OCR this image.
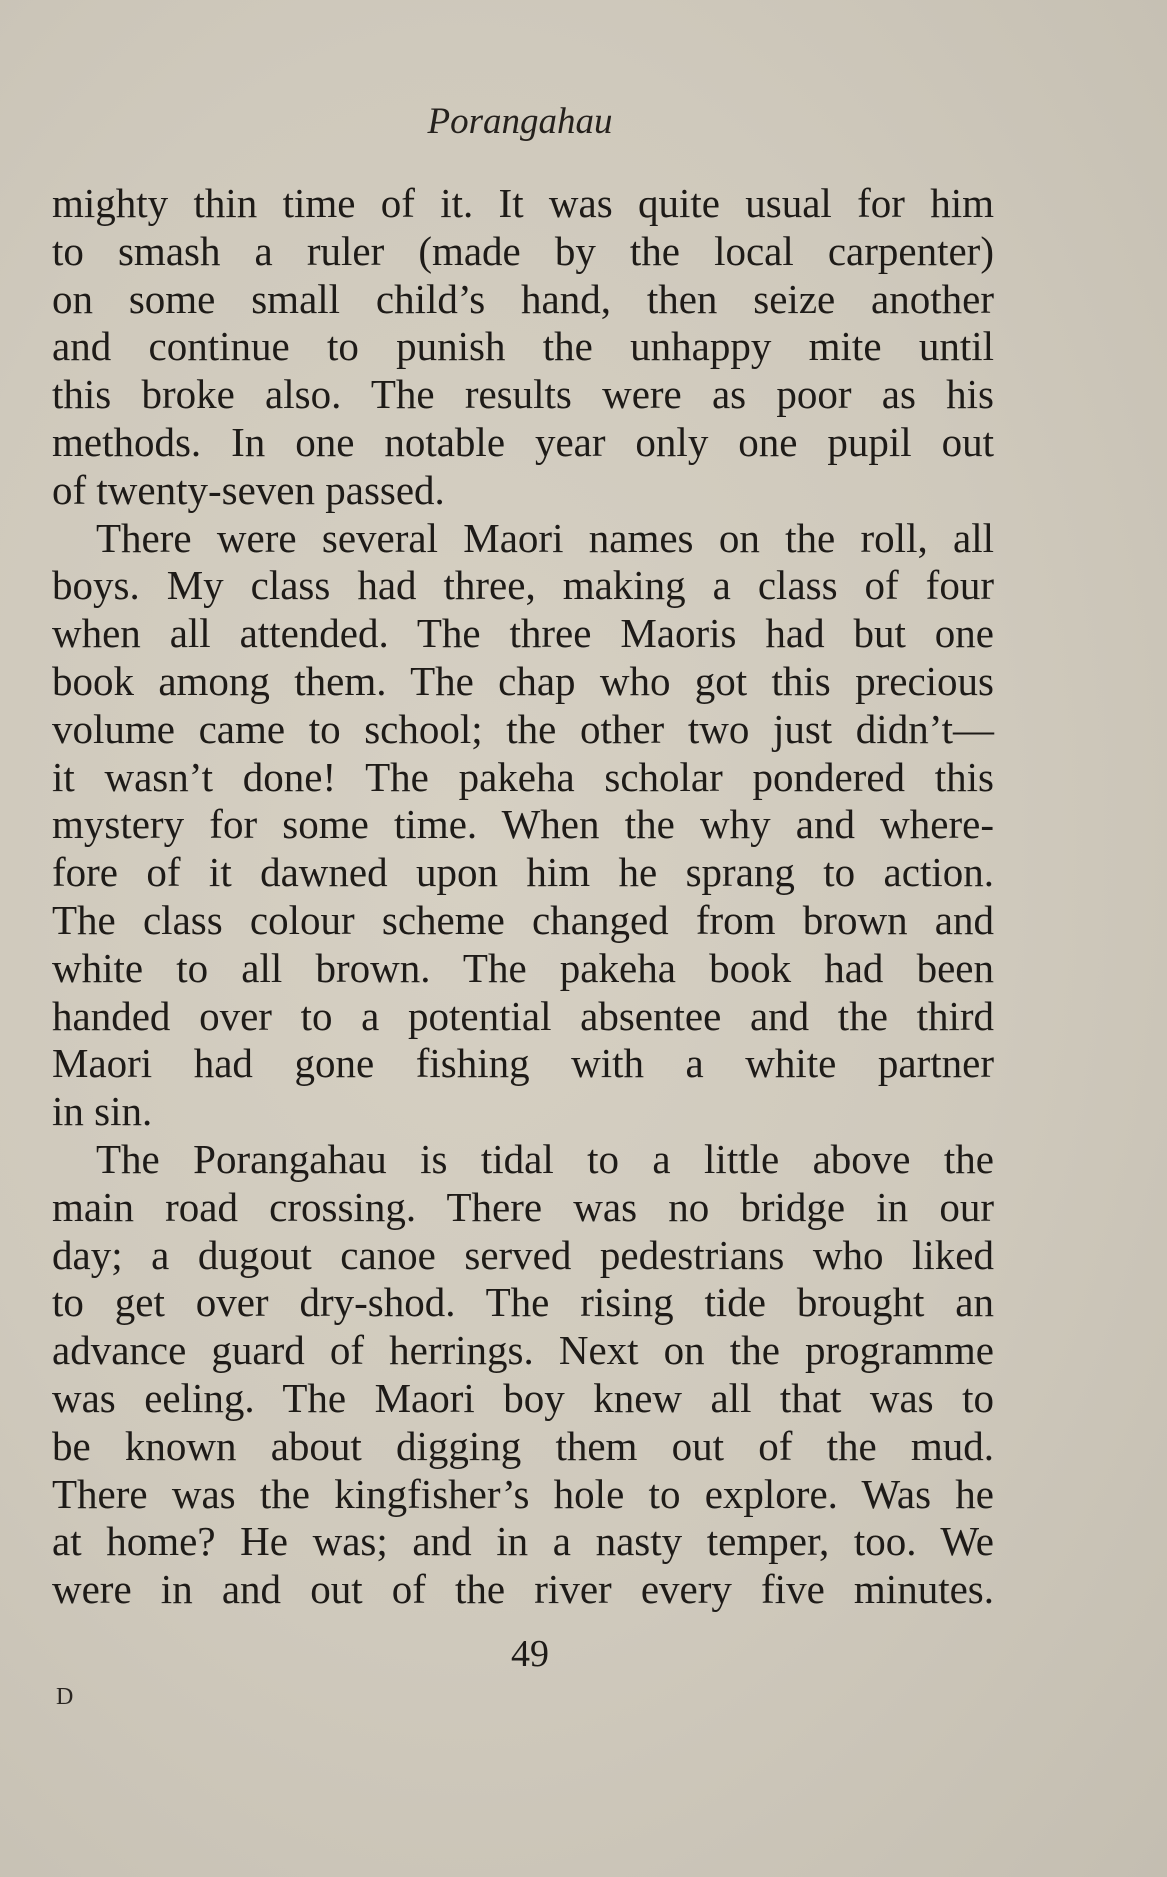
Porangahau
mighty thin time of it. It was quite usual for him
to smash a ruler (made by the local carpenter)
on some small child’s hand, then seize another
and continue to punish the unhappy mite until
this broke also. The results were as poor as his
methods. In one notable year only one pupil out
of twenty-seven passed.
There were several Maori names on the roll, all
boys. My class had three, making a class of four
when all attended. The three Maoris had but one
book among them. The chap who got this precious
volume came to school; the other two just didn’t—
it wasn’t done! The pakeha scholar pondered this
mystery for some time. When the why and where-
fore of it dawned upon him he sprang to action.
The class colour scheme changed from brown and
white to all brown. The pakeha book had been
handed over to a potential absentee and the third
Maori had gone fishing with a white partner
in sin.
The Porangahau is tidal to a little above the
main road crossing. There was no bridge in our
day; a dugout canoe served pedestrians who liked
to get over dry-shod. The rising tide brought an
advance guard of herrings. Next on the programme
was eeling. The Maori boy knew all that was to
be known about digging them out of the mud.
There was the kingfisher’s hole to explore. Was he
at home? He was; and in a nasty temper, too. We
were in and out of the river every five minutes.
49
D
